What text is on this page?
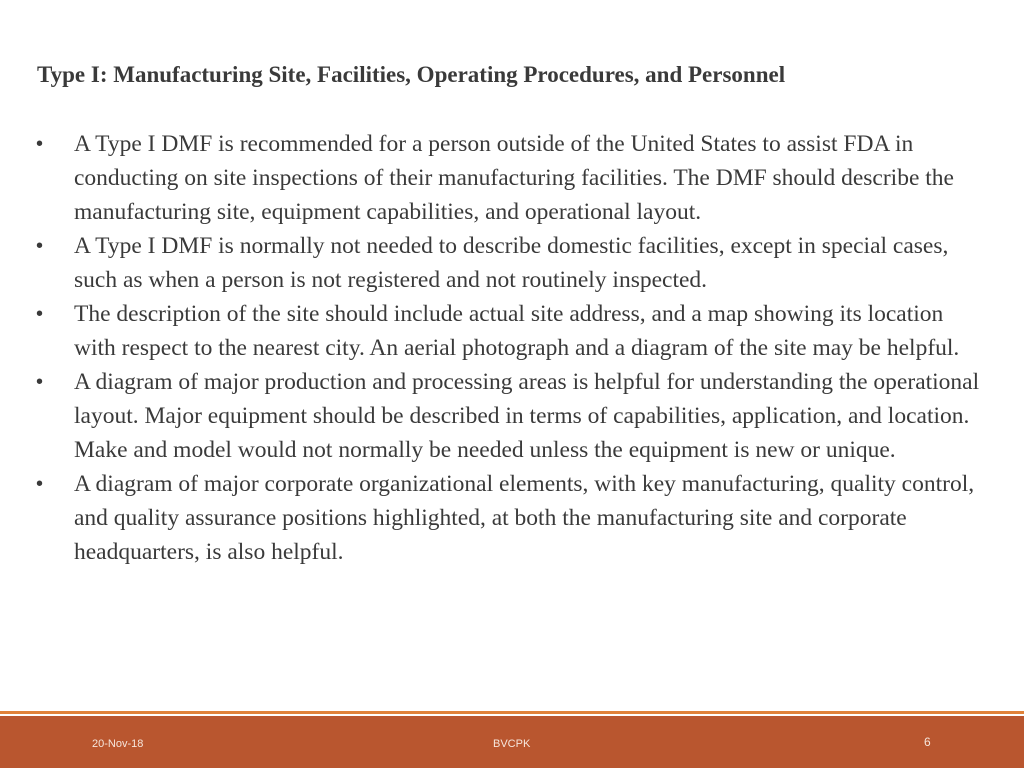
Type I: Manufacturing Site, Facilities, Operating Procedures, and Personnel
•	A Type I DMF is recommended for a person outside of the United States to assist FDA in conducting on site inspections of their manufacturing facilities. The DMF should describe the manufacturing site, equipment capabilities, and operational layout.
•	A Type I DMF is normally not needed to describe domestic facilities, except in special cases, such as when a person is not registered and not routinely inspected.
•	The description of the site should include actual site address, and a map showing its location with respect to the nearest city. An aerial photograph and a diagram of the site may be helpful.
•	A diagram of major production and processing areas is helpful for understanding the operational layout. Major equipment should be described in terms of capabilities, application, and location. Make and model would not normally be needed unless the equipment is new or unique.
•	A diagram of major corporate organizational elements, with key manufacturing, quality control, and quality assurance positions highlighted, at both the manufacturing site and corporate headquarters, is also helpful.
20-Nov-18	BVCPK	6
